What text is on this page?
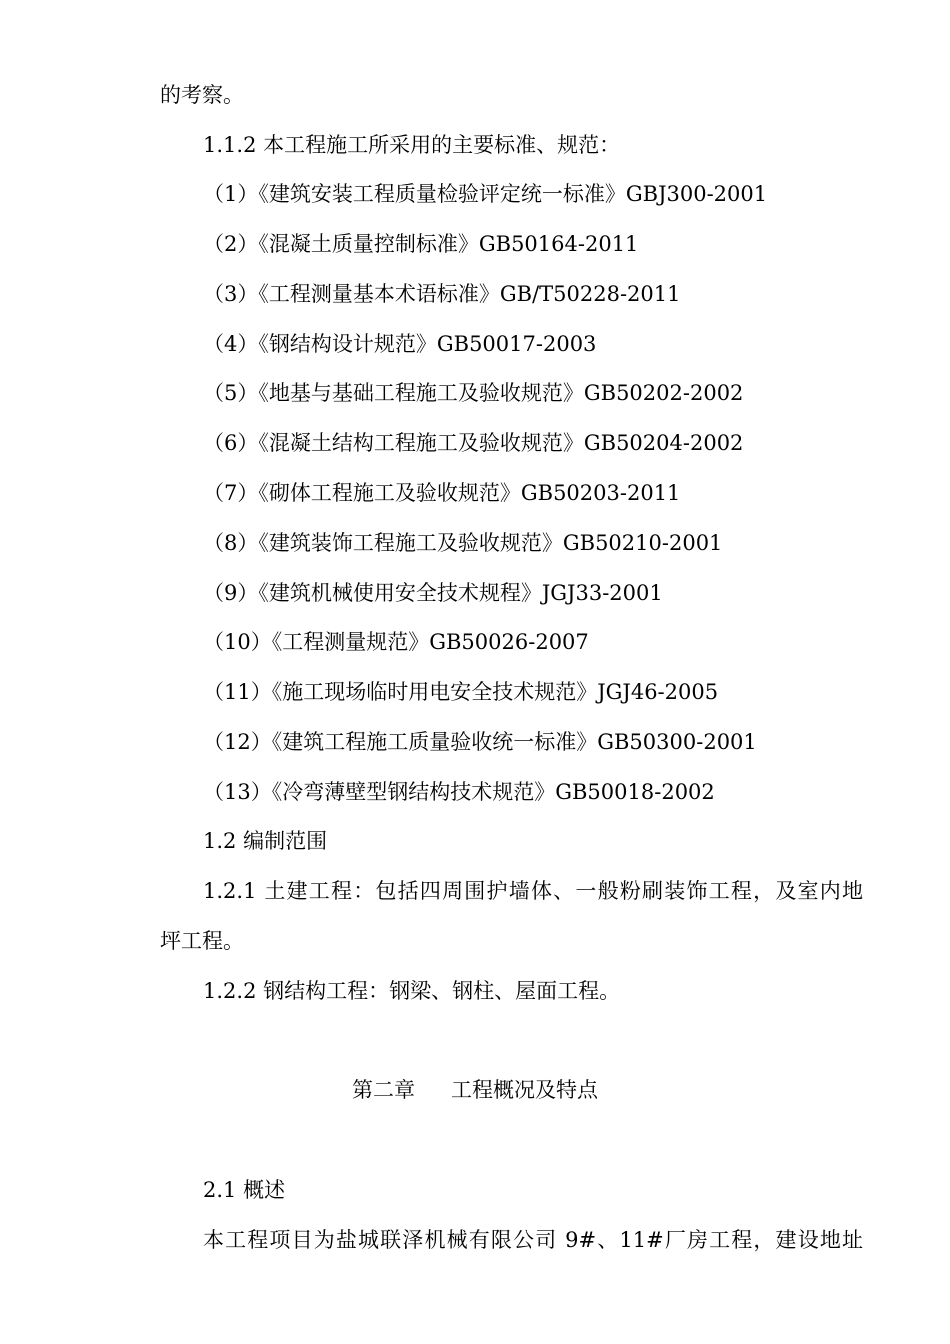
的考察。
1.1.2 本工程施工所采用的主要标准、规范：
（1）《建筑安装工程质量检验评定统一标准》GBJ300-2001
（2）《混凝土质量控制标准》GB50164-2011
（3）《工程测量基本术语标准》GB/T50228-2011
（4）《钢结构设计规范》GB50017-2003
（5）《地基与基础工程施工及验收规范》GB50202-2002
（6）《混凝土结构工程施工及验收规范》GB50204-2002
（7）《砌体工程施工及验收规范》GB50203-2011
（8）《建筑装饰工程施工及验收规范》GB50210-2001
（9）《建筑机械使用安全技术规程》JGJ33-2001
（10）《工程测量规范》GB50026-2007
（11）《施工现场临时用电安全技术规范》JGJ46-2005
（12）《建筑工程施工质量验收统一标准》GB50300-2001
（13）《冷弯薄壁型钢结构技术规范》GB50018-2002
1.2 编制范围
1.2.1 土建工程：包括四周围护墙体、一般粉刷装饰工程，及室内地
坪工程。
1.2.2 钢结构工程：钢梁、钢柱、屋面工程。
第二章 工程概况及特点
2.1 概述
本工程项目为盐城联泽机械有限公司 9#、11#厂房工程，建设地址
